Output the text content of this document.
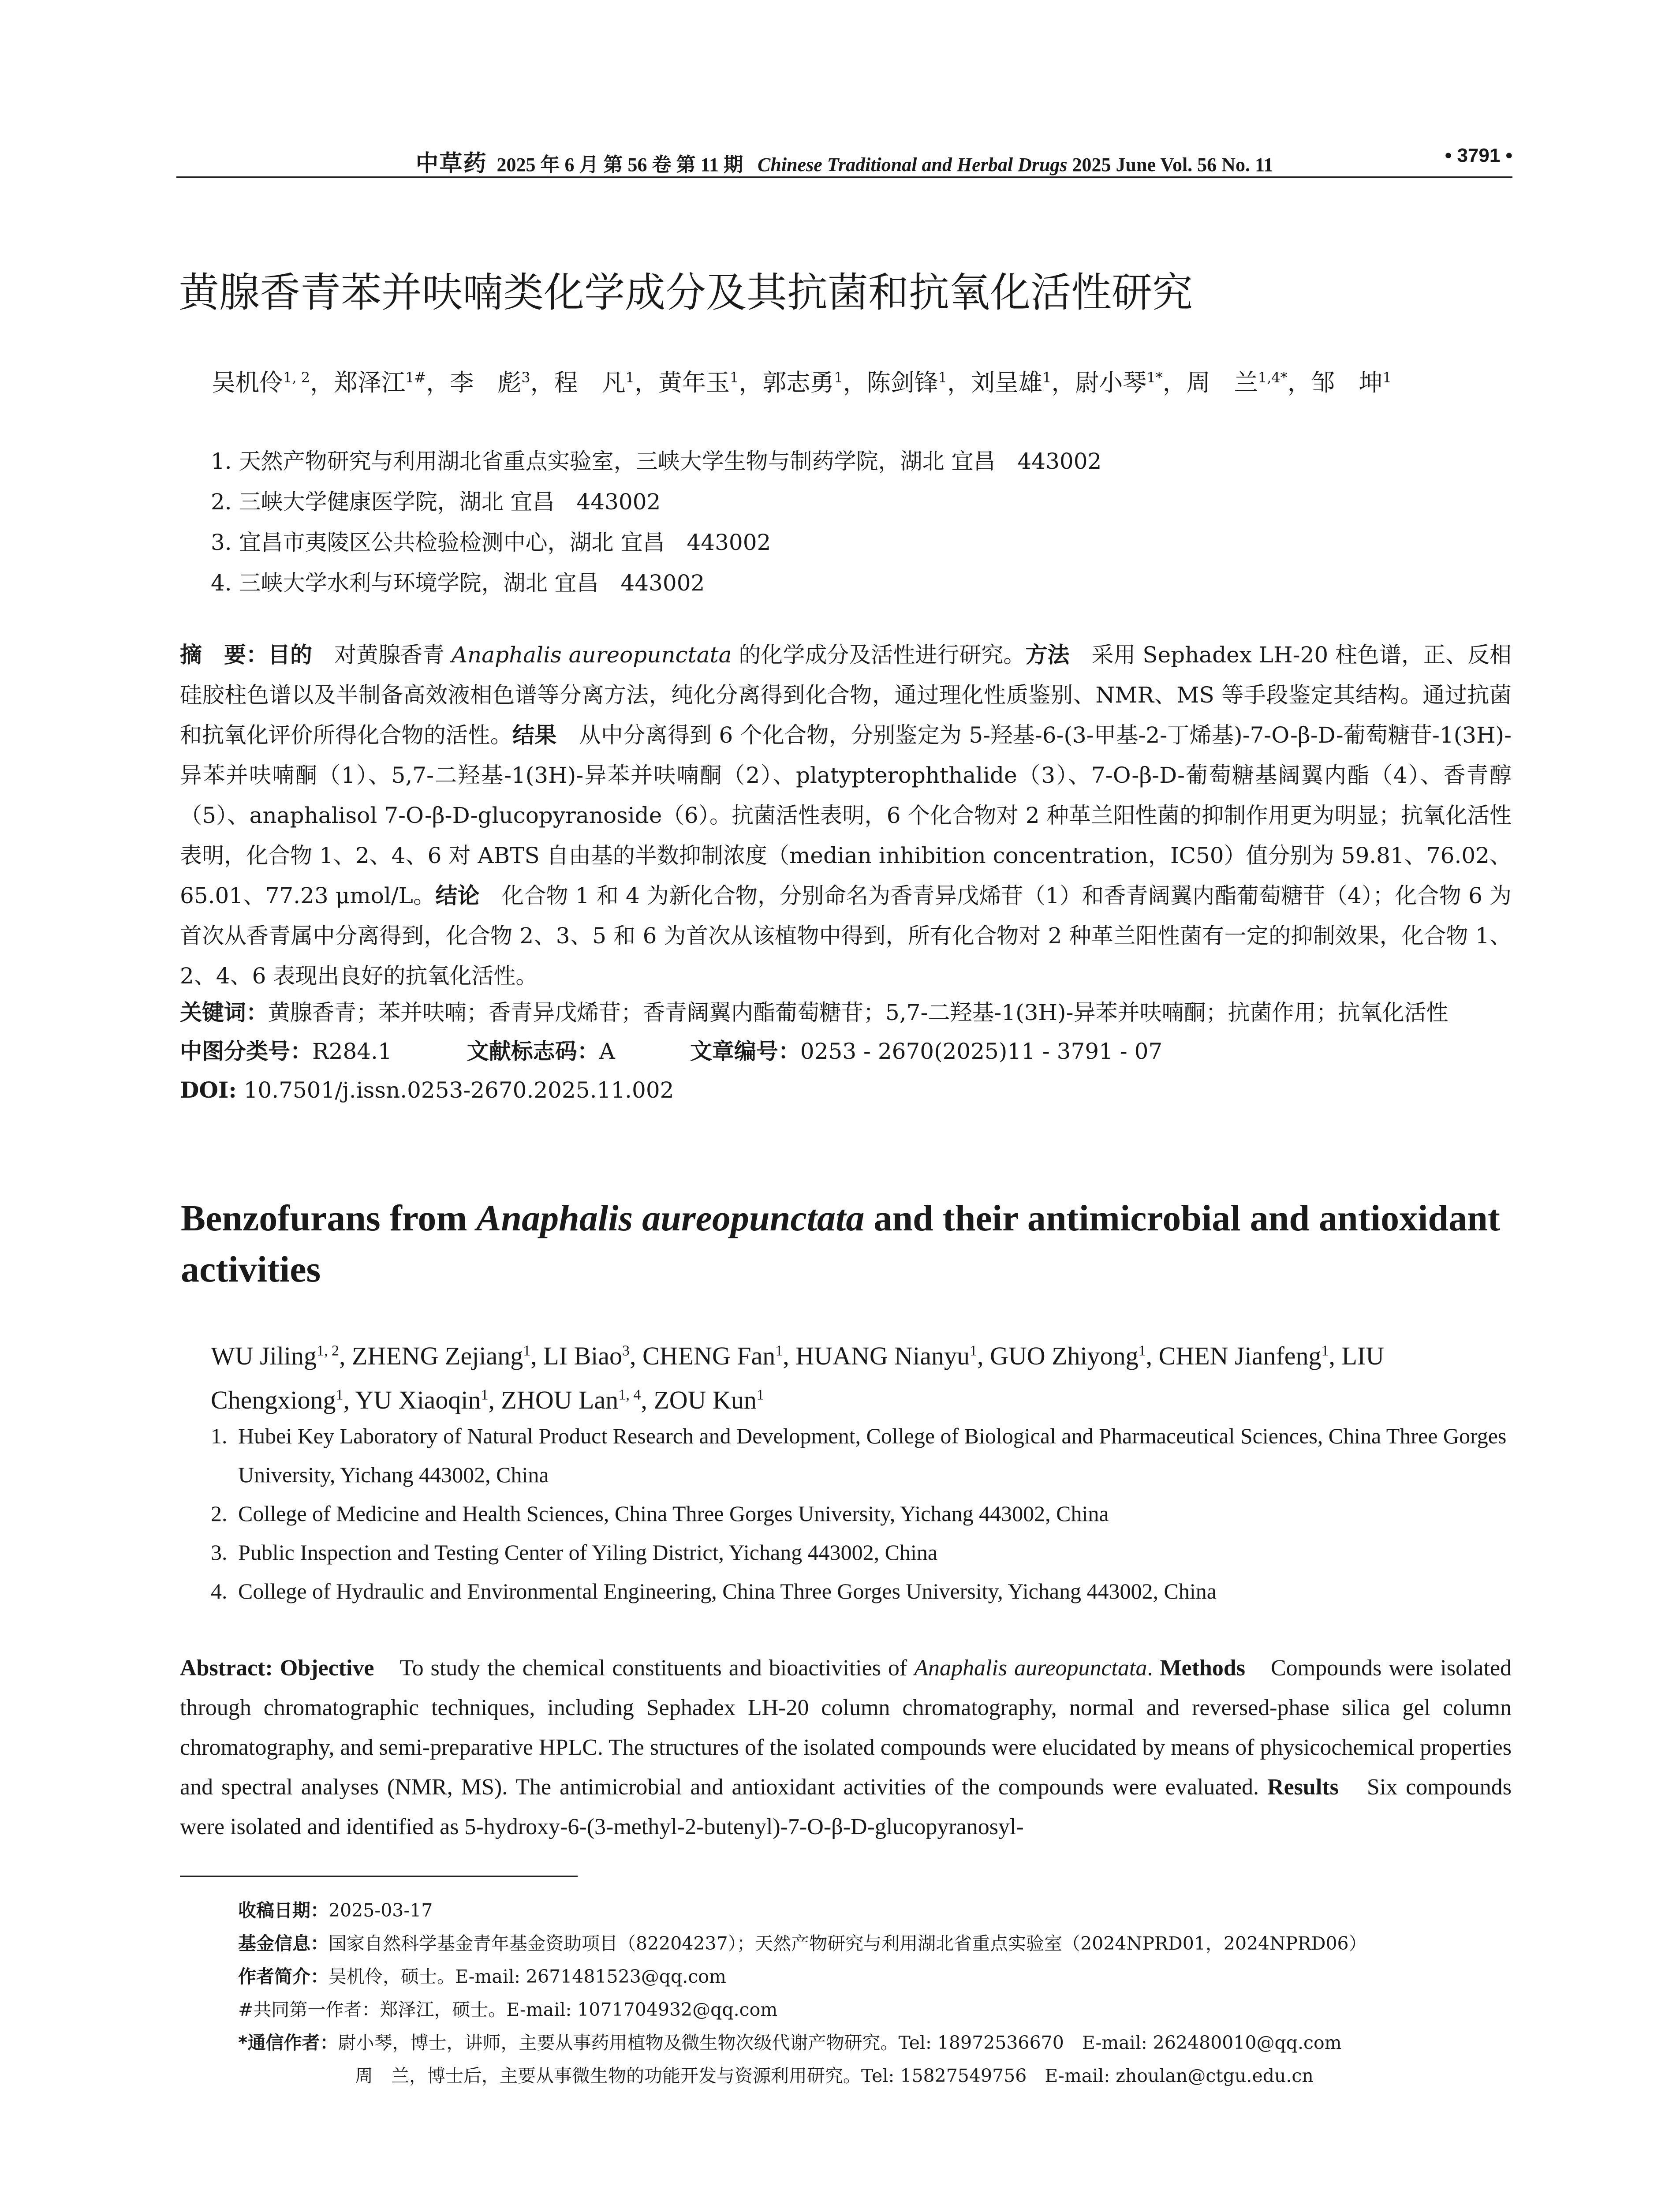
中草药 2025 年 6 月 第 56 卷 第 11 期 Chinese Traditional and Herbal Drugs 2025 June Vol. 56 No. 11	• 3791 •
黄腺香青苯并呋喃类化学成分及其抗菌和抗氧化活性研究
吴机伶$^{1, 2}$，郑泽江$^{1\#}$，李　彪$^3$，程　凡$^1$，黄年玉$^1$，郭志勇$^1$，陈剑锋$^1$，刘呈雄$^1$，尉小琴$^{1*}$，周　兰$^{1,4*}$，邹　坤$^1$
1. 天然产物研究与利用湖北省重点实验室，三峡大学生物与制药学院，湖北 宜昌　443002
2. 三峡大学健康医学院，湖北 宜昌　443002
3. 宜昌市夷陵区公共检验检测中心，湖北 宜昌　443002
4. 三峡大学水利与环境学院，湖北 宜昌　443002
摘　要：目的　对黄腺香青 Anaphalis aureopunctata 的化学成分及活性进行研究。方法　采用 Sephadex LH-20 柱色谱，正、反相硅胶柱色谱以及半制备高效液相色谱等分离方法，纯化分离得到化合物，通过理化性质鉴别、NMR、MS 等手段鉴定其结构。通过抗菌和抗氧化评价所得化合物的活性。结果　从中分离得到 6 个化合物，分别鉴定为 5-羟基-6-(3-甲基-2-丁烯基)-7-O-β-D-葡萄糖苷-1(3H)-异苯并呋喃酮（1）、5,7-二羟基-1(3H)-异苯并呋喃酮（2）、platypterophthalide（3）、7-O-β-D-葡萄糖基阔翼内酯（4）、香青醇（5）、anaphalisol 7-O-β-D-glucopyranoside（6）。抗菌活性表明，6 个化合物对 2 种革兰阳性菌的抑制作用更为明显；抗氧化活性表明，化合物 1、2、4、6 对 ABTS 自由基的半数抑制浓度（median inhibition concentration，IC50）值分别为 59.81、76.02、65.01、77.23 μmol/L。结论　化合物 1 和 4 为新化合物，分别命名为香青异戊烯苷（1）和香青阔翼内酯葡萄糖苷（4）；化合物 6 为首次从香青属中分离得到，化合物 2、3、5 和 6 为首次从该植物中得到，所有化合物对 2 种革兰阳性菌有一定的抑制效果，化合物 1、2、4、6 表现出良好的抗氧化活性。
关键词：黄腺香青；苯并呋喃；香青异戊烯苷；香青阔翼内酯葡萄糖苷；5,7-二羟基-1(3H)-异苯并呋喃酮；抗菌作用；抗氧化活性
中图分类号：R284.1	文献标志码：A	文章编号：0253 - 2670(2025)11 - 3791 - 07
DOI: 10.7501/j.issn.0253-2670.2025.11.002
Benzofurans from Anaphalis aureopunctata and their antimicrobial and antioxidant activities
WU Jiling$^{1, 2}$, ZHENG Zejiang$^1$, LI Biao$^3$, CHENG Fan$^1$, HUANG Nianyu$^1$, GUO Zhiyong$^1$, CHEN Jianfeng$^1$, LIU Chengxiong$^1$, YU Xiaoqin$^1$, ZHOU Lan$^{1, 4}$, ZOU Kun$^1$
1. Hubei Key Laboratory of Natural Product Research and Development, College of Biological and Pharmaceutical Sciences, China Three Gorges University, Yichang 443002, China
2. College of Medicine and Health Sciences, China Three Gorges University, Yichang 443002, China
3. Public Inspection and Testing Center of Yiling District, Yichang 443002, China
4. College of Hydraulic and Environmental Engineering, China Three Gorges University, Yichang 443002, China
Abstract: Objective　To study the chemical constituents and bioactivities of Anaphalis aureopunctata. Methods　Compounds were isolated through chromatographic techniques, including Sephadex LH-20 column chromatography, normal and reversed-phase silica gel column chromatography, and semi-preparative HPLC. The structures of the isolated compounds were elucidated by means of physicochemical properties and spectral analyses (NMR, MS). The antimicrobial and antioxidant activities of the compounds were evaluated. Results　Six compounds were isolated and identified as 5-hydroxy-6-(3-methyl-2-butenyl)-7-O-β-D-glucopyranosyl-
收稿日期：2025-03-17
基金信息：国家自然科学基金青年基金资助项目（82204237）；天然产物研究与利用湖北省重点实验室（2024NPRD01，2024NPRD06）
作者简介：吴机伶，硕士。E-mail: 2671481523@qq.com
#共同第一作者：郑泽江，硕士。E-mail: 1071704932@qq.com
*通信作者：尉小琴，博士，讲师，主要从事药用植物及微生物次级代谢产物研究。Tel: 18972536670　E-mail: 262480010@qq.com
周　兰，博士后，主要从事微生物的功能开发与资源利用研究。Tel: 15827549756　E-mail: zhoulan@ctgu.edu.cn
